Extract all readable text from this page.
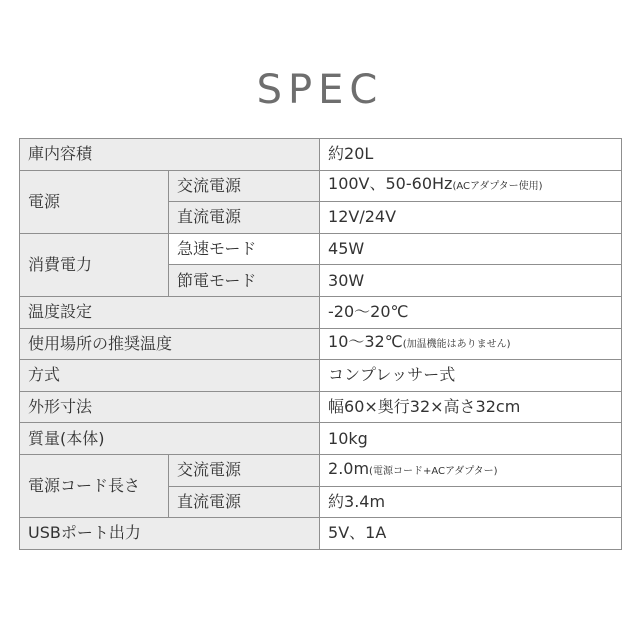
SPEC
庫内容積		約20L
電源	交流電源	100V、50-60Hz(ACアダプター使用)
	直流電源	12V/24V
消費電力	急速モード	45W
	節電モード	30W
温度設定		-20～20℃
使用場所の推奨温度		10～32℃(加温機能はありません)
方式		コンプレッサー式
外形寸法		幅60×奥行32×高さ32cm
質量(本体)		10kg
電源コード長さ	交流電源	2.0m(電源コード+ACアダプター)
	直流電源	約3.4m
USBポート出力		5V、1A
